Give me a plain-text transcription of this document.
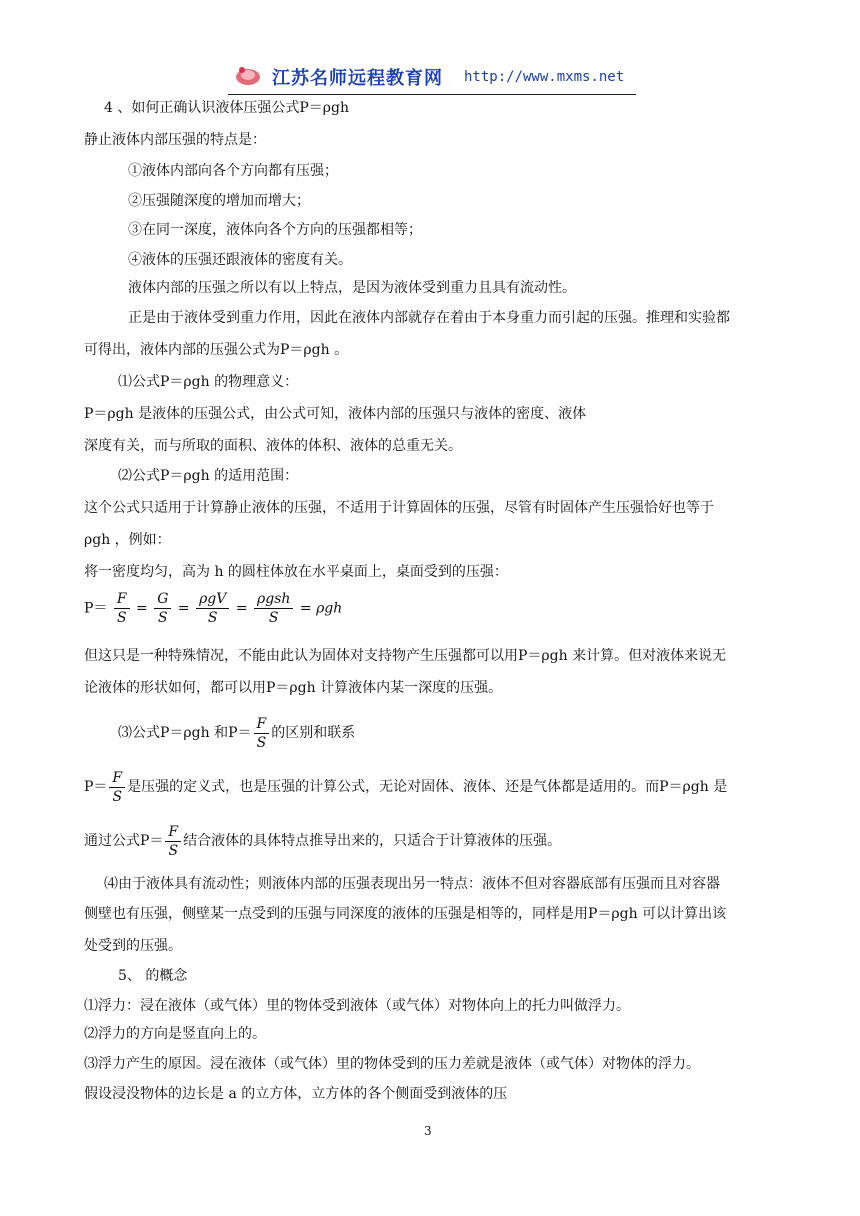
江苏名师远程教育网 http://www.mxms.net
4 、如何正确认识液体压强公式P＝ρgh
静止液体内部压强的特点是：
①液体内部向各个方向都有压强；
②压强随深度的增加而增大；
③在同一深度，液体向各个方向的压强都相等；
④液体的压强还跟液体的密度有关。
液体内部的压强之所以有以上特点，是因为液体受到重力且具有流动性。
正是由于液体受到重力作用，因此在液体内部就存在着由于本身重力而引起的压强。推理和实验都
可得出，液体内部的压强公式为P＝ρgh 。
⑴公式P＝ρgh 的物理意义：
P＝ρgh 是液体的压强公式，由公式可知，液体内部的压强只与液体的密度、液体
深度有关，而与所取的面积、液体的体积、液体的总重无关。
⑵公式P＝ρgh 的适用范围：
这个公式只适用于计算静止液体的压强，不适用于计算固体的压强，尽管有时固体产生压强恰好也等于
ρgh ，例如：
将一密度均匀，高为 h 的圆柱体放在水平桌面上，桌面受到的压强：
$P= \frac{F}{S} = \frac{G}{S} = \frac{\text{ρgV}}{S} = \frac{\text{ρgsh}}{S} = \rho gh$
但这只是一种特殊情况，不能由此认为固体对支持物产生压强都可以用P＝ρgh 来计算。但对液体来说无
论液体的形状如何，都可以用P＝ρgh 计算液体内某一深度的压强。
⑶公式P＝ρgh 和$P= \frac{F}{S}$ 的区别和联系
$P= \frac{F}{S}$ 是压强的定义式，也是压强的计算公式，无论对固体、液体、还是气体都是适用的。而P＝ρgh 是
通过公式$P= \frac{F}{S}$ 结合液体的具体特点推导出来的，只适合于计算液体的压强。
⑷由于液体具有流动性；则液体内部的压强表现出另一特点：液体不但对容器底部有压强而且对容器
侧壁也有压强，侧壁某一点受到的压强与同深度的液体的压强是相等的，同样是用P＝ρgh 可以计算出该
处受到的压强。
5、 的概念
⑴浮力：浸在液体（或气体）里的物体受到液体（或气体）对物体向上的托力叫做浮力。
⑵浮力的方向是竖直向上的。
⑶浮力产生的原因。浸在液体（或气体）里的物体受到的压力差就是液体（或气体）对物体的浮力。
假设浸没物体的边长是 a 的立方体，立方体的各个侧面受到液体的压
3
